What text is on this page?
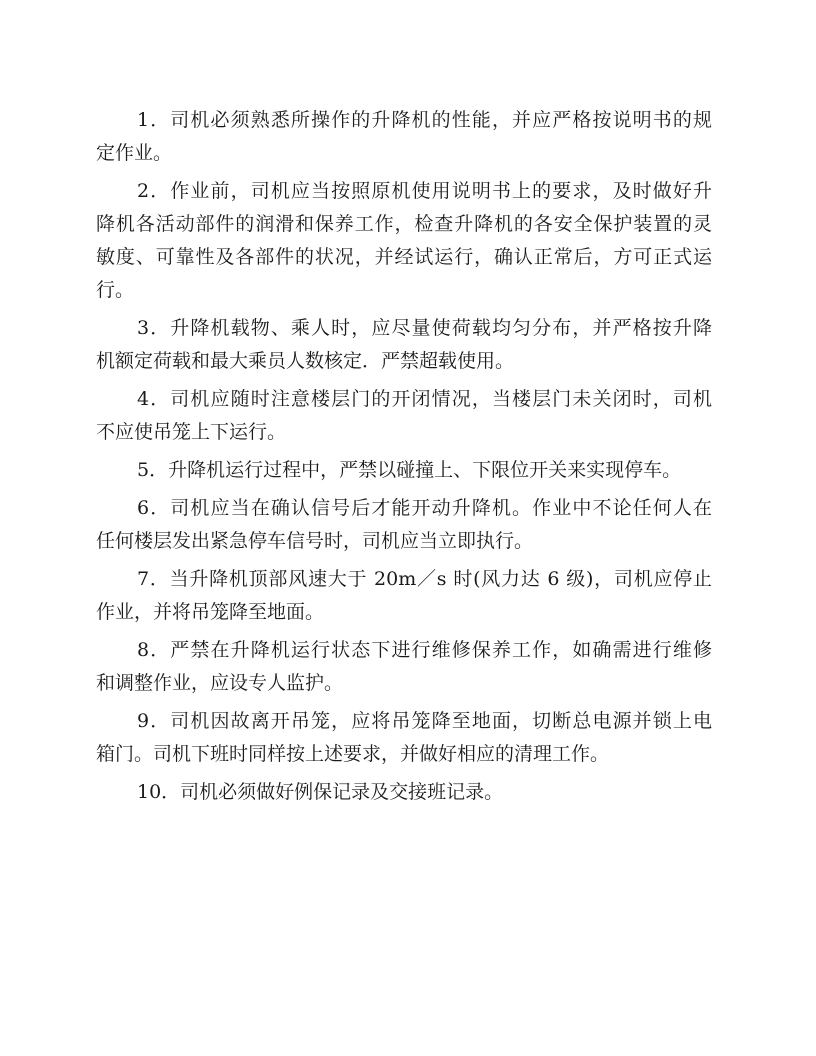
1．司机必须熟悉所操作的升降机的性能，并应严格按说明书的规
定作业。
2．作业前，司机应当按照原机使用说明书上的要求，及时做好升
降机各活动部件的润滑和保养工作，检查升降机的各安全保护装置的灵
敏度、可靠性及各部件的状况，并经试运行，确认正常后，方可正式运
行。
3．升降机载物、乘人时，应尽量使荷载均匀分布，并严格按升降
机额定荷载和最大乘员人数核定．严禁超载使用。
4．司机应随时注意楼层门的开闭情况，当楼层门未关闭时，司机
不应使吊笼上下运行。
5．升降机运行过程中，严禁以碰撞上、下限位开关来实现停车。
6．司机应当在确认信号后才能开动升降机。作业中不论任何人在
任何楼层发出紧急停车信号时，司机应当立即执行。
7．当升降机顶部风速大于 20m／s 时(风力达 6 级)，司机应停止
作业，并将吊笼降至地面。
8．严禁在升降机运行状态下进行维修保养工作，如确需进行维修
和调整作业，应设专人监护。
9．司机因故离开吊笼，应将吊笼降至地面，切断总电源并锁上电
箱门。司机下班时同样按上述要求，并做好相应的清理工作。
10．司机必须做好例保记录及交接班记录。
